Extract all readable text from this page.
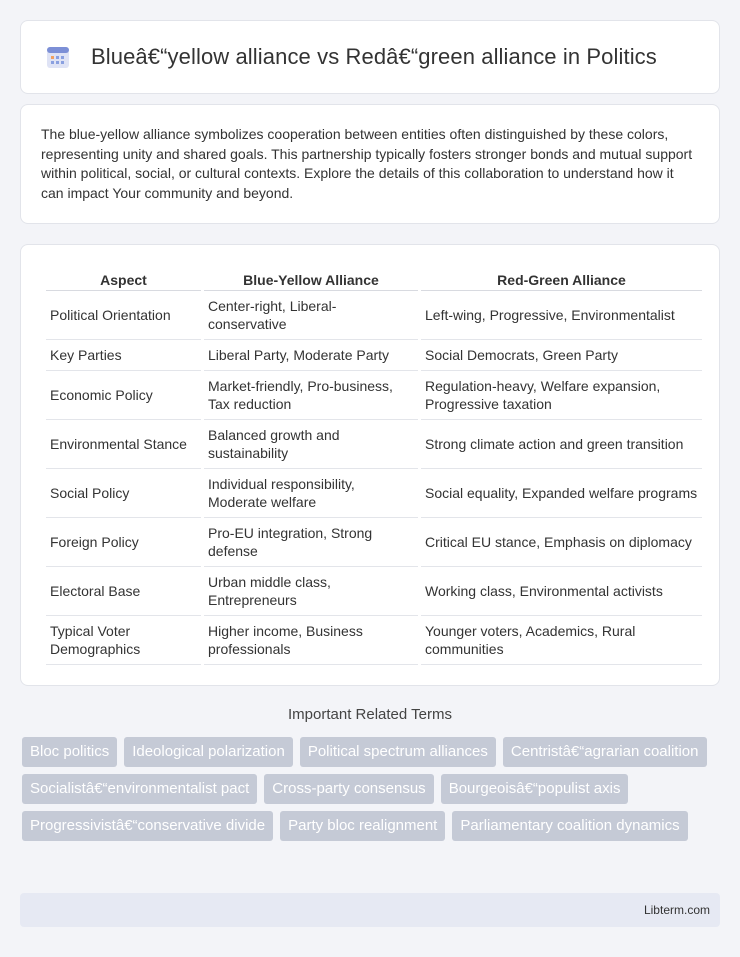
Blueâ€“yellow alliance vs Redâ€“green alliance in Politics

The blue-yellow alliance symbolizes cooperation between entities often distinguished by these colors, representing unity and shared goals. This partnership typically fosters stronger bonds and mutual support within political, social, or cultural contexts. Explore the details of this collaboration to understand how it can impact Your community and beyond.

Aspect	Blue-Yellow Alliance	Red-Green Alliance
Political Orientation	Center-right, Liberal-conservative	Left-wing, Progressive, Environmentalist
Key Parties	Liberal Party, Moderate Party	Social Democrats, Green Party
Economic Policy	Market-friendly, Pro-business, Tax reduction	Regulation-heavy, Welfare expansion, Progressive taxation
Environmental Stance	Balanced growth and sustainability	Strong climate action and green transition
Social Policy	Individual responsibility, Moderate welfare	Social equality, Expanded welfare programs
Foreign Policy	Pro-EU integration, Strong defense	Critical EU stance, Emphasis on diplomacy
Electoral Base	Urban middle class, Entrepreneurs	Working class, Environmental activists
Typical Voter Demographics	Higher income, Business professionals	Younger voters, Academics, Rural communities
Important Related Terms
Bloc politics	Ideological polarization	Political spectrum alliances	Centristâ€“agrarian coalition
Socialistâ€“environmentalist pact	Cross-party consensus	Bourgeoisâ€“populist axis
Progressivistâ€“conservative divide	Party bloc realignment	Parliamentary coalition dynamics
Libterm.com
